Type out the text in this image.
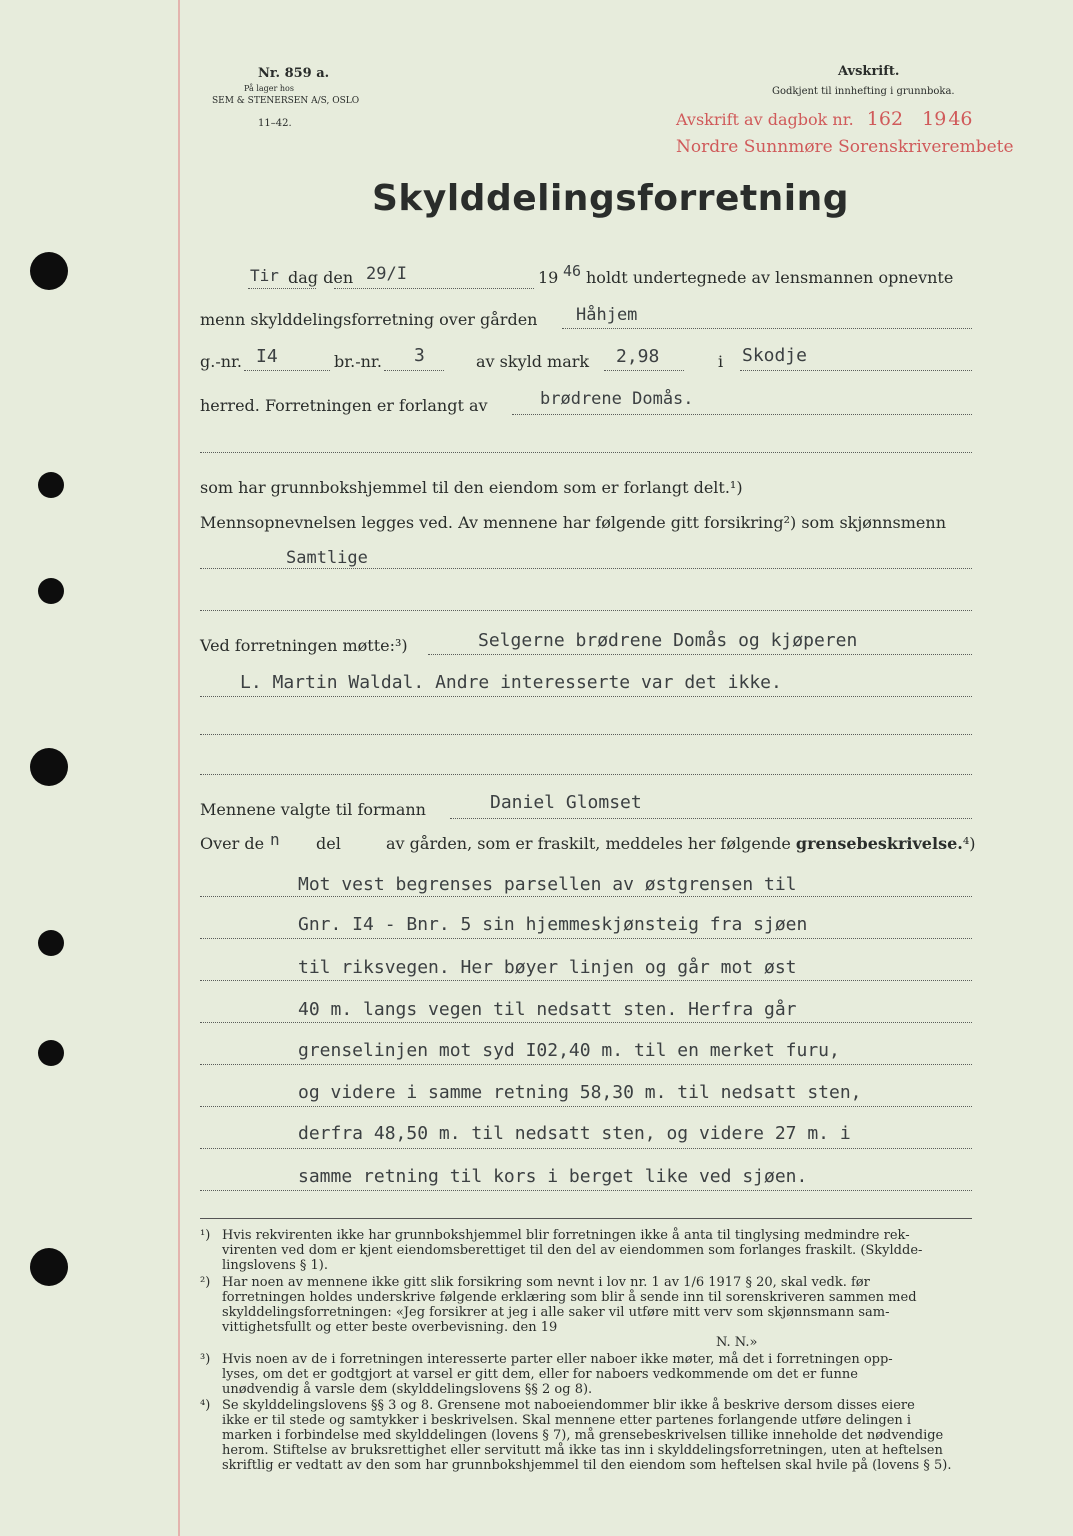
Nr. 859 a.
På lager hos
SEM & STENERSEN A/S, OSLO
11–42.
Avskrift.
Godkjent til innhefting i grunnboka.
Avskrift av dagbok nr. 162 19 46
Nordre Sunnmøre Sorenskriverembete
Skylddelingsforretning
Tir dag den 29/I	19 46 holdt undertegnede av lensmannen opnevnte
menn skylddelingsforretning over gården Håhjem
g.-nr. I4	br.-nr. 3	av skyld mark 2,98	i Skodje
herred. Forretningen er forlangt av	brødrene Domås.
som har grunnbokshjemmel til den eiendom som er forlangt delt.¹)
Mennsopnevnelsen legges ved. Av mennene har følgende gitt forsikring²) som skjønnsmenn
Samtlige
Ved forretningen møtte:³)	Selgerne brødrene Domås og kjøperen
L. Martin Waldal. Andre interesserte var det ikke.
Mennene valgte til formann	Daniel Glomset
Over de n del	av gården, som er fraskilt, meddeles her følgende grensebeskrivelse.⁴)
Mot vest begrenses parsellen av østgrensen til
Gnr. I4 - Bnr. 5 sin hjemmeskjønsteig fra sjøen
til riksvegen. Her bøyer linjen og går mot øst
40 m. langs vegen til nedsatt sten. Herfra går
grenselinjen mot syd I02,40 m. til en merket furu,
og videre i samme retning 58,30 m. til nedsatt sten,
derfra 48,50 m. til nedsatt sten, og videre 27 m. i
samme retning til kors i berget like ved sjøen.
¹) Hvis rekvirenten ikke har grunnbokshjemmel blir forretningen ikke å anta til tinglysing medmindre rek-
virenten ved dom er kjent eiendomsberettiget til den del av eiendommen som forlanges fraskilt. (Skyldde-
lingslovens § 1).
²) Har noen av mennene ikke gitt slik forsikring som nevnt i lov nr. 1 av 1/6 1917 § 20, skal vedk. før
forretningen holdes underskrive følgende erklæring som blir å sende inn til sorenskriveren sammen med
skylddelingsforretningen: «Jeg forsikrer at jeg i alle saker vil utføre mitt verv som skjønnsmann sam-
vittighetsfullt og etter beste overbevisning. den 19
N. N.»
³) Hvis noen av de i forretningen interesserte parter eller naboer ikke møter, må det i forretningen opp-
lyses, om det er godtgjort at varsel er gitt dem, eller for naboers vedkommende om det er funne
unødvendig å varsle dem (skylddelingslovens §§ 2 og 8).
⁴) Se skylddelingslovens §§ 3 og 8. Grensene mot naboeiendommer blir ikke å beskrive dersom disses eiere
ikke er til stede og samtykker i beskrivelsen. Skal mennene etter partenes forlangende utføre delingen i
marken i forbindelse med skylddelingen (lovens § 7), må grensebeskrivelsen tillike inneholde det nødvendige
herom. Stiftelse av bruksrettighet eller servitutt må ikke tas inn i skylddelingsforretningen, uten at heftelsen
skriftlig er vedtatt av den som har grunnbokshjemmel til den eiendom som heftelsen skal hvile på (lovens § 5).
